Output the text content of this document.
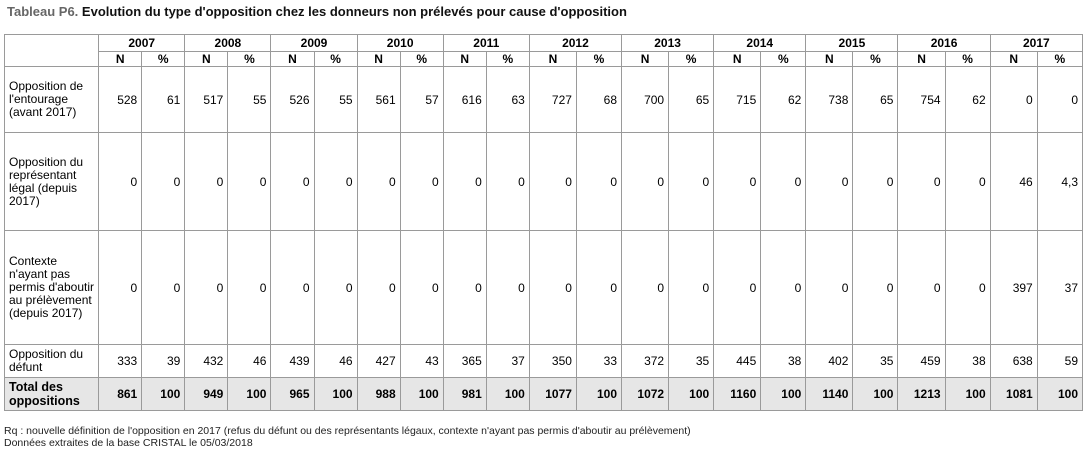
Tableau P6. Evolution du type d'opposition chez les donneurs non prélevés pour cause d'opposition
	2007		2008		2009		2010		2011		2012		2013		2014		2015		2016		2017	
	N	%	N	%	N	%	N	%	N	%	N	%	N	%	N	%	N	%	N	%	N	%
Opposition de l'entourage (avant 2017)	528	61	517	55	526	55	561	57	616	63	727	68	700	65	715	62	738	65	754	62	0	0
Opposition du représentant légal (depuis 2017)	0	0	0	0	0	0	0	0	0	0	0	0	0	0	0	0	0	0	0	0	46	4,3
Contexte n'ayant pas permis d'aboutir au prélèvement (depuis 2017)	0	0	0	0	0	0	0	0	0	0	0	0	0	0	0	0	0	0	0	0	397	37
Opposition du défunt	333	39	432	46	439	46	427	43	365	37	350	33	372	35	445	38	402	35	459	38	638	59
Total des oppositions	861	100	949	100	965	100	988	100	981	100	1077	100	1072	100	1160	100	1140	100	1213	100	1081	100
Rq : nouvelle définition de l'opposition en 2017 (refus du défunt ou des représentants légaux, contexte n'ayant pas permis d'aboutir au prélèvement)
Données extraites de la base CRISTAL le 05/03/2018
